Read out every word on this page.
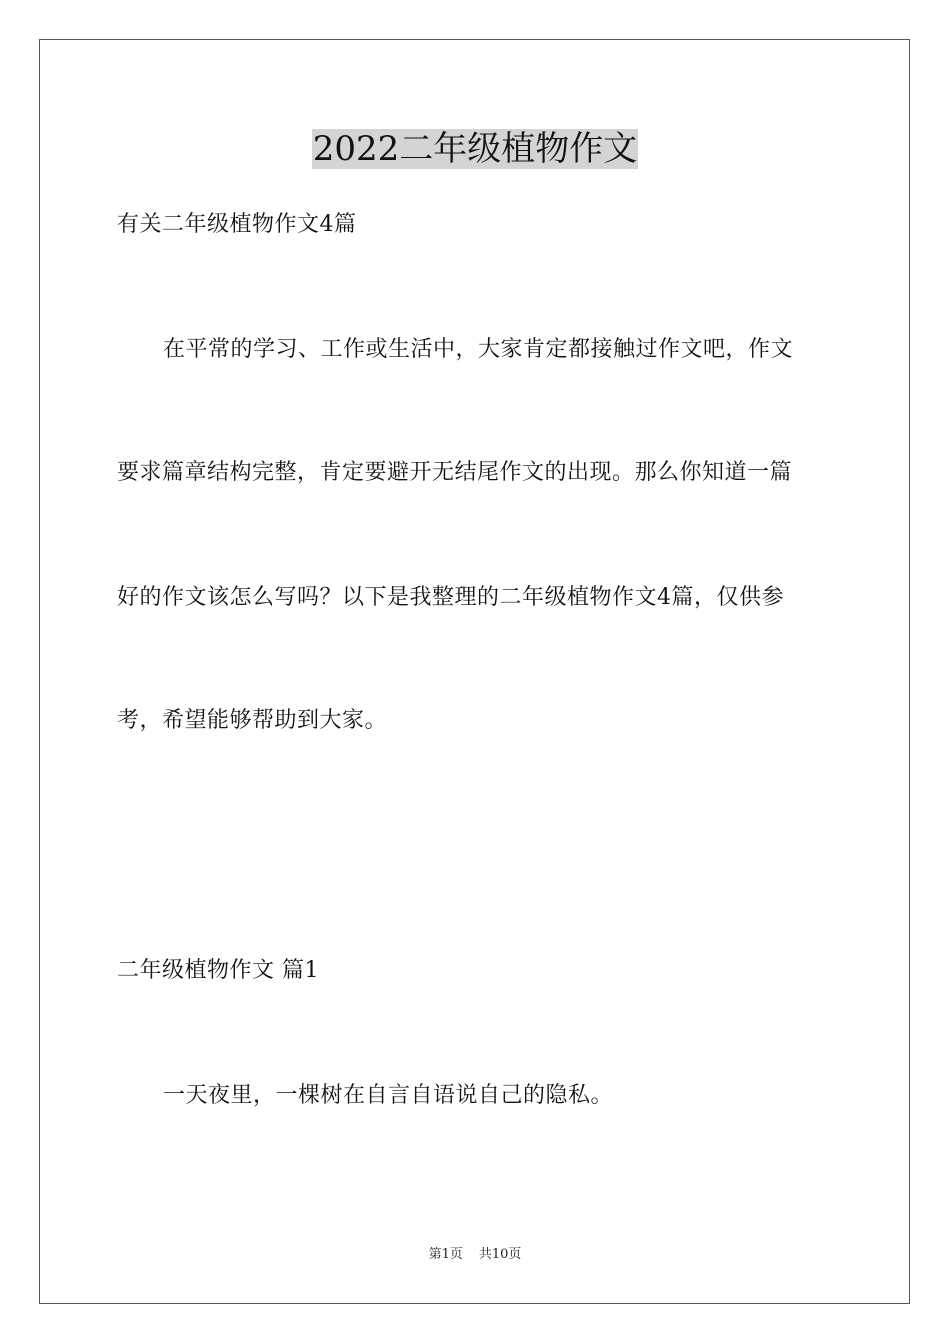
2022二年级植物作文
有关二年级植物作文4篇
在平常的学习、工作或生活中，大家肯定都接触过作文吧，作文
要求篇章结构完整，肯定要避开无结尾作文的出现。那么你知道一篇
好的作文该怎么写吗？以下是我整理的二年级植物作文4篇，仅供参
考，希望能够帮助到大家。
二年级植物作文 篇1
一天夜里，一棵树在自言自语说自己的隐私。
第1页 共10页
